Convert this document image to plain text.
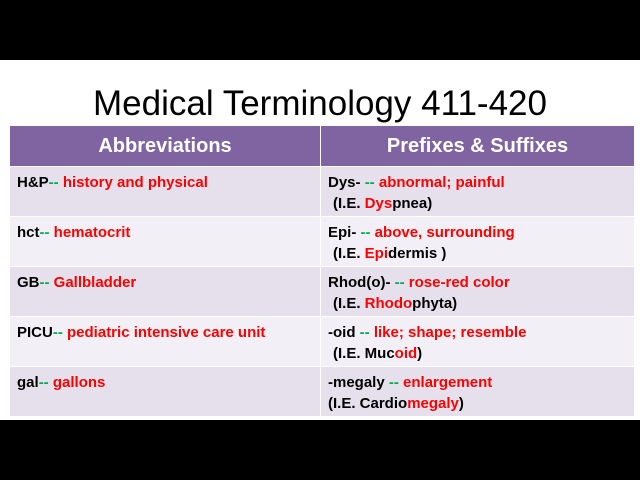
Medical Terminology 411-420
Abbreviations	Prefixes & Suffixes
H&P-- history and physical	Dys- -- abnormal; painful
(I.E. Dyspnea)

hct-- hematocrit	Epi- -- above, surrounding
(I.E. Epidermis )

GB-- Gallbladder	Rhod(o)- -- rose-red color
(I.E. Rhodophyta)

PICU-- pediatric intensive care unit	-oid -- like; shape; resemble
(I.E. Mucoid)

gal-- gallons	-megaly -- enlargement
(I.E. Cardiomegaly)
